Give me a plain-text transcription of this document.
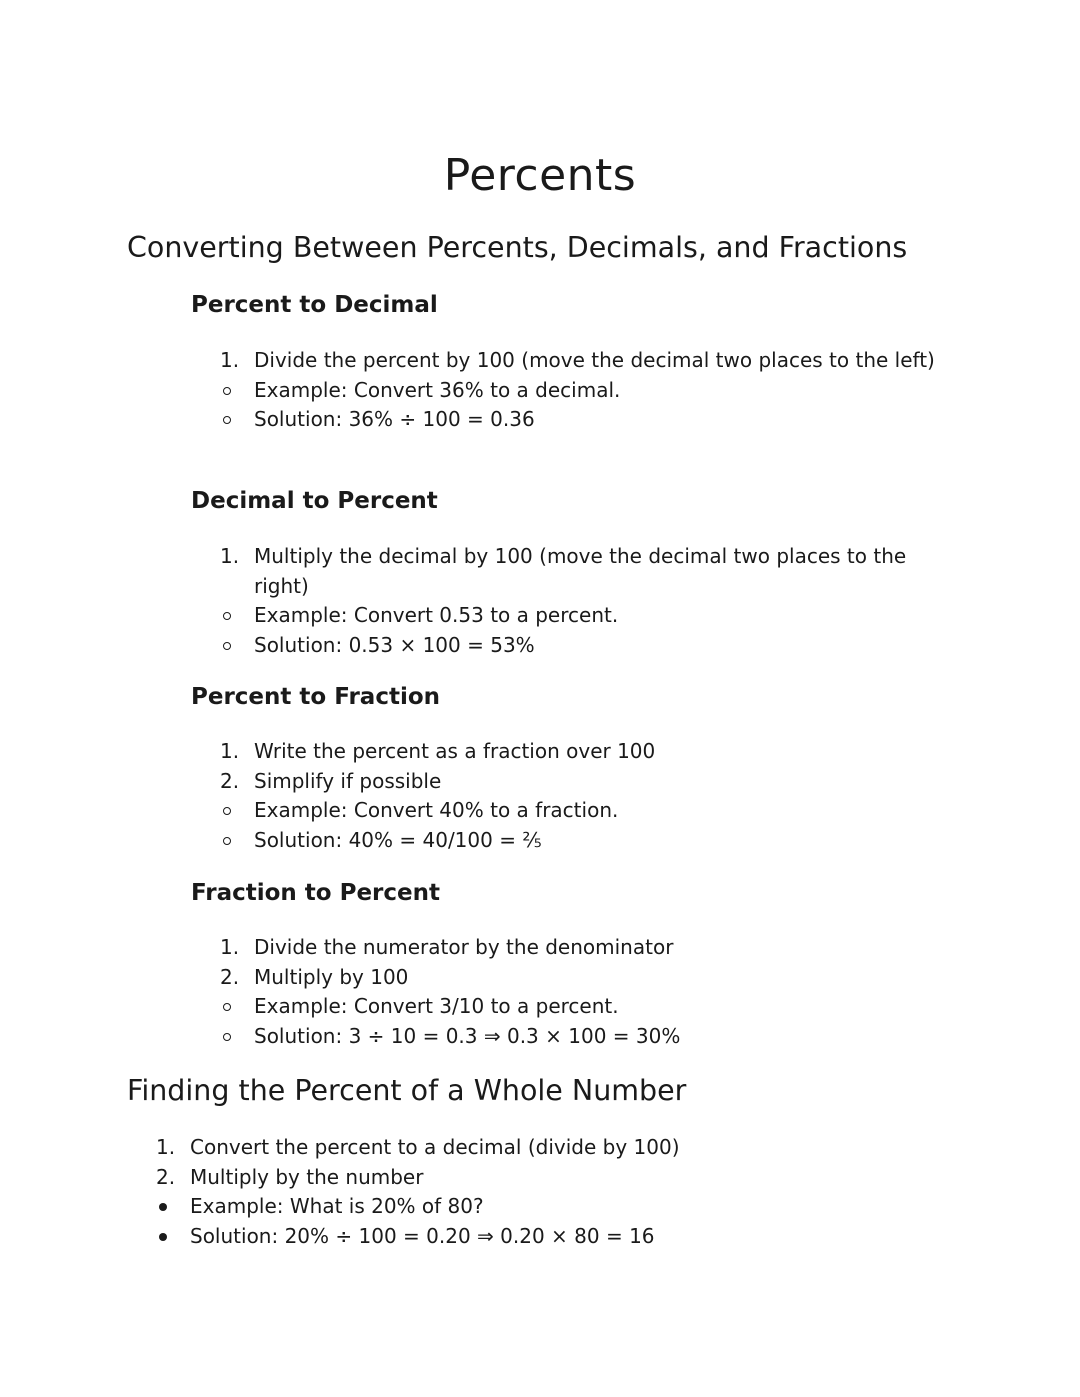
Percents
Converting Between Percents, Decimals, and Fractions
Percent to Decimal
1. Divide the percent by 100 (move the decimal two places to the left)
Example: Convert 36% to a decimal.
Solution: 36% ÷ 100 = 0.36
Decimal to Percent
1. Multiply the decimal by 100 (move the decimal two places to the right)
Example: Convert 0.53 to a percent.
Solution: 0.53 × 100 = 53%
Percent to Fraction
1. Write the percent as a fraction over 100
2. Simplify if possible
Example: Convert 40% to a fraction.
Solution: 40% = 40/100 = ⅖
Fraction to Percent
1. Divide the numerator by the denominator
2. Multiply by 100
Example: Convert 3/10 to a percent.
Solution: 3 ÷ 10 = 0.3 ⇒ 0.3 × 100 = 30%
Finding the Percent of a Whole Number
1. Convert the percent to a decimal (divide by 100)
2. Multiply by the number
Example: What is 20% of 80?
Solution: 20% ÷ 100 = 0.20 ⇒ 0.20 × 80 = 16
